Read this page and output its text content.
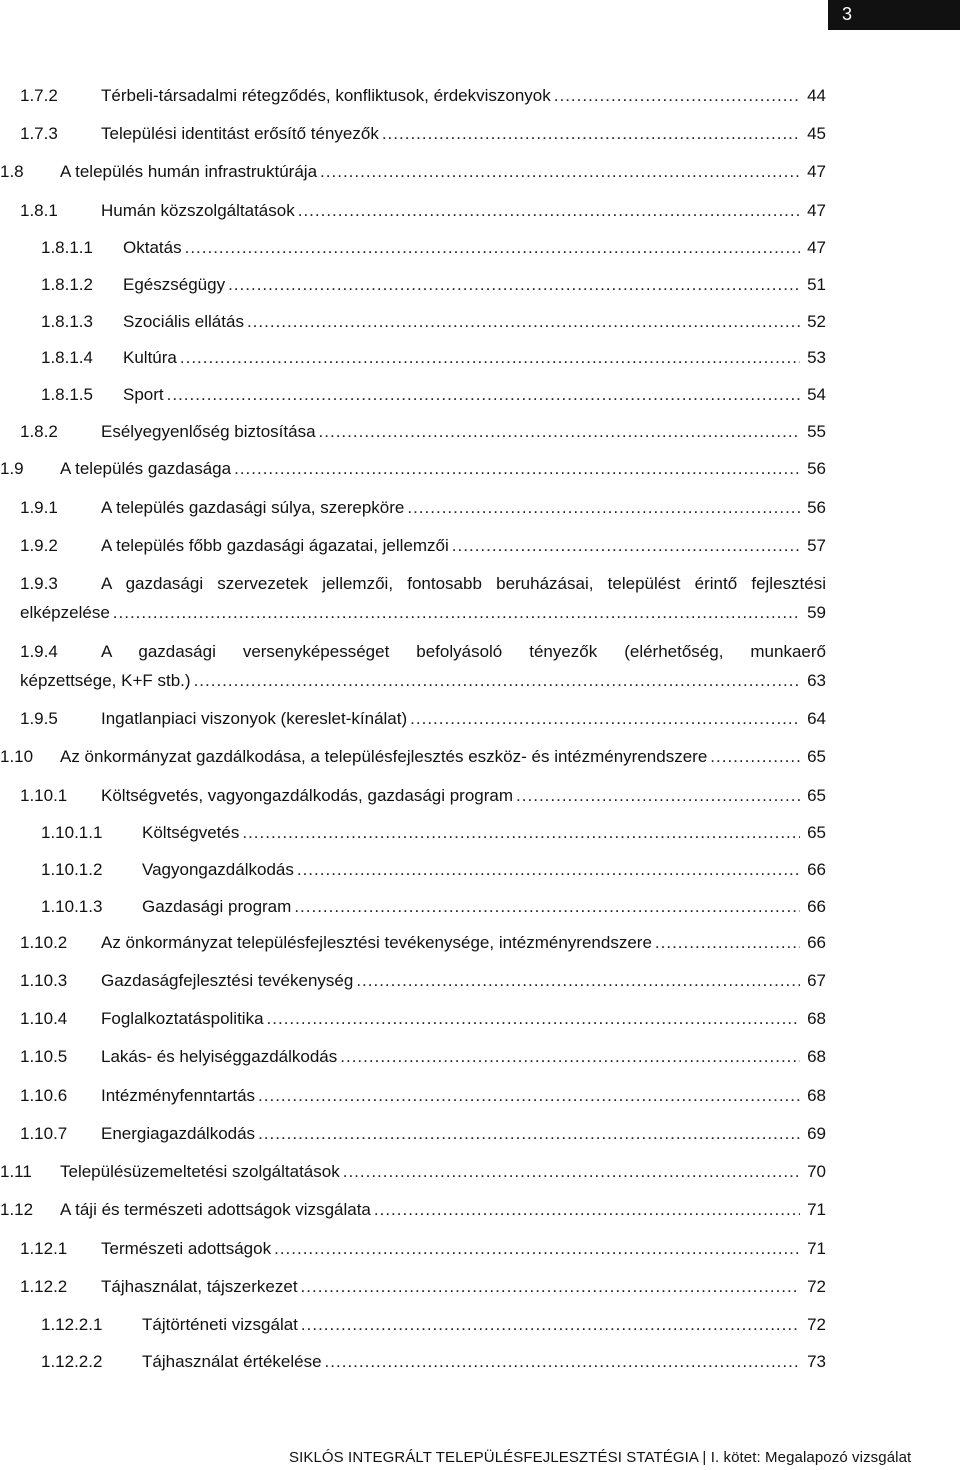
3
1.7.2	Térbeli-társadalmi rétegződés, konfliktusok, érdekviszonyok .....	44
1.7.3	Települési identitást erősítő tényezők .....	45
1.8 A település humán infrastruktúrája .....	47
1.8.1	Humán közszolgáltatások .....	47
1.8.1.1 Oktatás .....	47
1.8.1.2 Egészségügy .....	51
1.8.1.3 Szociális ellátás .....	52
1.8.1.4 Kultúra .....	53
1.8.1.5 Sport .....	54
1.8.2	Esélyegyenlőség biztosítása .....	55
1.9 A település gazdasága .....	56
1.9.1	A település gazdasági súlya, szerepköre .....	56
1.9.2	A település főbb gazdasági ágazatai, jellemzői .....	57
1.9.3	A gazdasági szervezetek jellemzői, fontosabb beruházásai, települést érintő fejlesztési
elképzelése .....	59
1.9.4	A gazdasági versenyképességet befolyásoló tényezők (elérhetőség, munkaerő
képzettsége, K+F stb.) .....	63
1.9.5	Ingatlanpiaci viszonyok (kereslet-kínálat) .....	64
1.10 Az önkormányzat gazdálkodása, a településfejlesztés eszköz- és intézményrendszere .....	65
1.10.1 Költségvetés, vagyongazdálkodás, gazdasági program .....	65
1.10.1.1 Költségvetés .....	65
1.10.1.2 Vagyongazdálkodás .....	66
1.10.1.3 Gazdasági program .....	66
1.10.2 Az önkormányzat településfejlesztési tevékenysége, intézményrendszere .....	66
1.10.3 Gazdaságfejlesztési tevékenység .....	67
1.10.4 Foglalkoztatáspolitika .....	68
1.10.5 Lakás- és helyiséggazdálkodás .....	68
1.10.6 Intézményfenntartás .....	68
1.10.7 Energiagazdálkodás .....	69
1.11 Településüzemeltetési szolgáltatások .....	70
1.12 A táji és természeti adottságok vizsgálata .....	71
1.12.1 Természeti adottságok .....	71
1.12.2 Tájhasználat, tájszerkezet .....	72
1.12.2.1 Tájtörténeti vizsgálat .....	72
1.12.2.2 Tájhasználat értékelése .....	73
SIKLÓS INTEGRÁLT TELEPÜLÉSFEJLESZTÉSI STATÉGIA | I. kötet: Megalapozó vizsgálat
